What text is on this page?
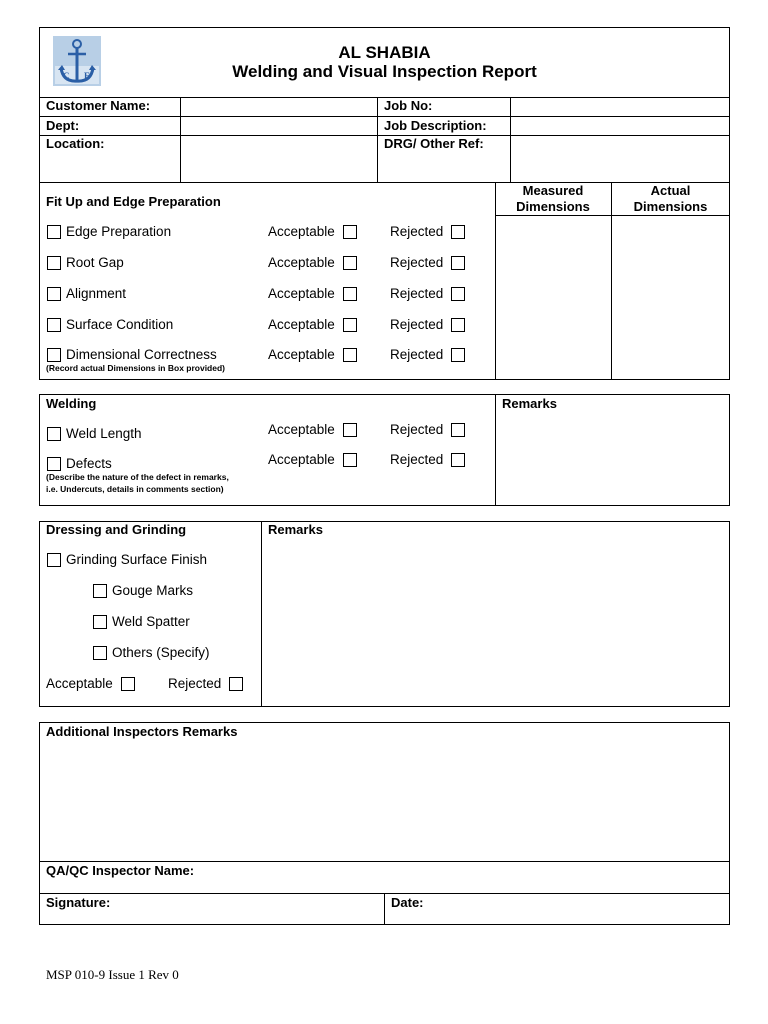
C E
AL SHABIA
Welding and Visual Inspection Report
Customer Name:	Job No:
Dept:	Job Description:
Location:	DRG/ Other Ref:
Fit Up and Edge Preparation
Measured
Dimensions
Actual
Dimensions
Edge Preparation	Acceptable	Rejected
Root Gap	Acceptable	Rejected
Alignment	Acceptable	Rejected
Surface Condition	Acceptable	Rejected
Dimensional Correctness	Acceptable	Rejected
(Record actual Dimensions in Box provided)
Welding	Remarks
Weld Length	Acceptable	Rejected
Defects	Acceptable	Rejected
(Describe the nature of the defect in remarks,
i.e. Undercuts, details in comments section)
Dressing and Grinding	Remarks
Grinding Surface Finish
Gouge Marks
Weld Spatter
Others (Specify)
Acceptable	Rejected
Additional Inspectors Remarks
QA/QC Inspector Name:
Signature:	Date:
MSP 010-9 Issue 1 Rev 0
